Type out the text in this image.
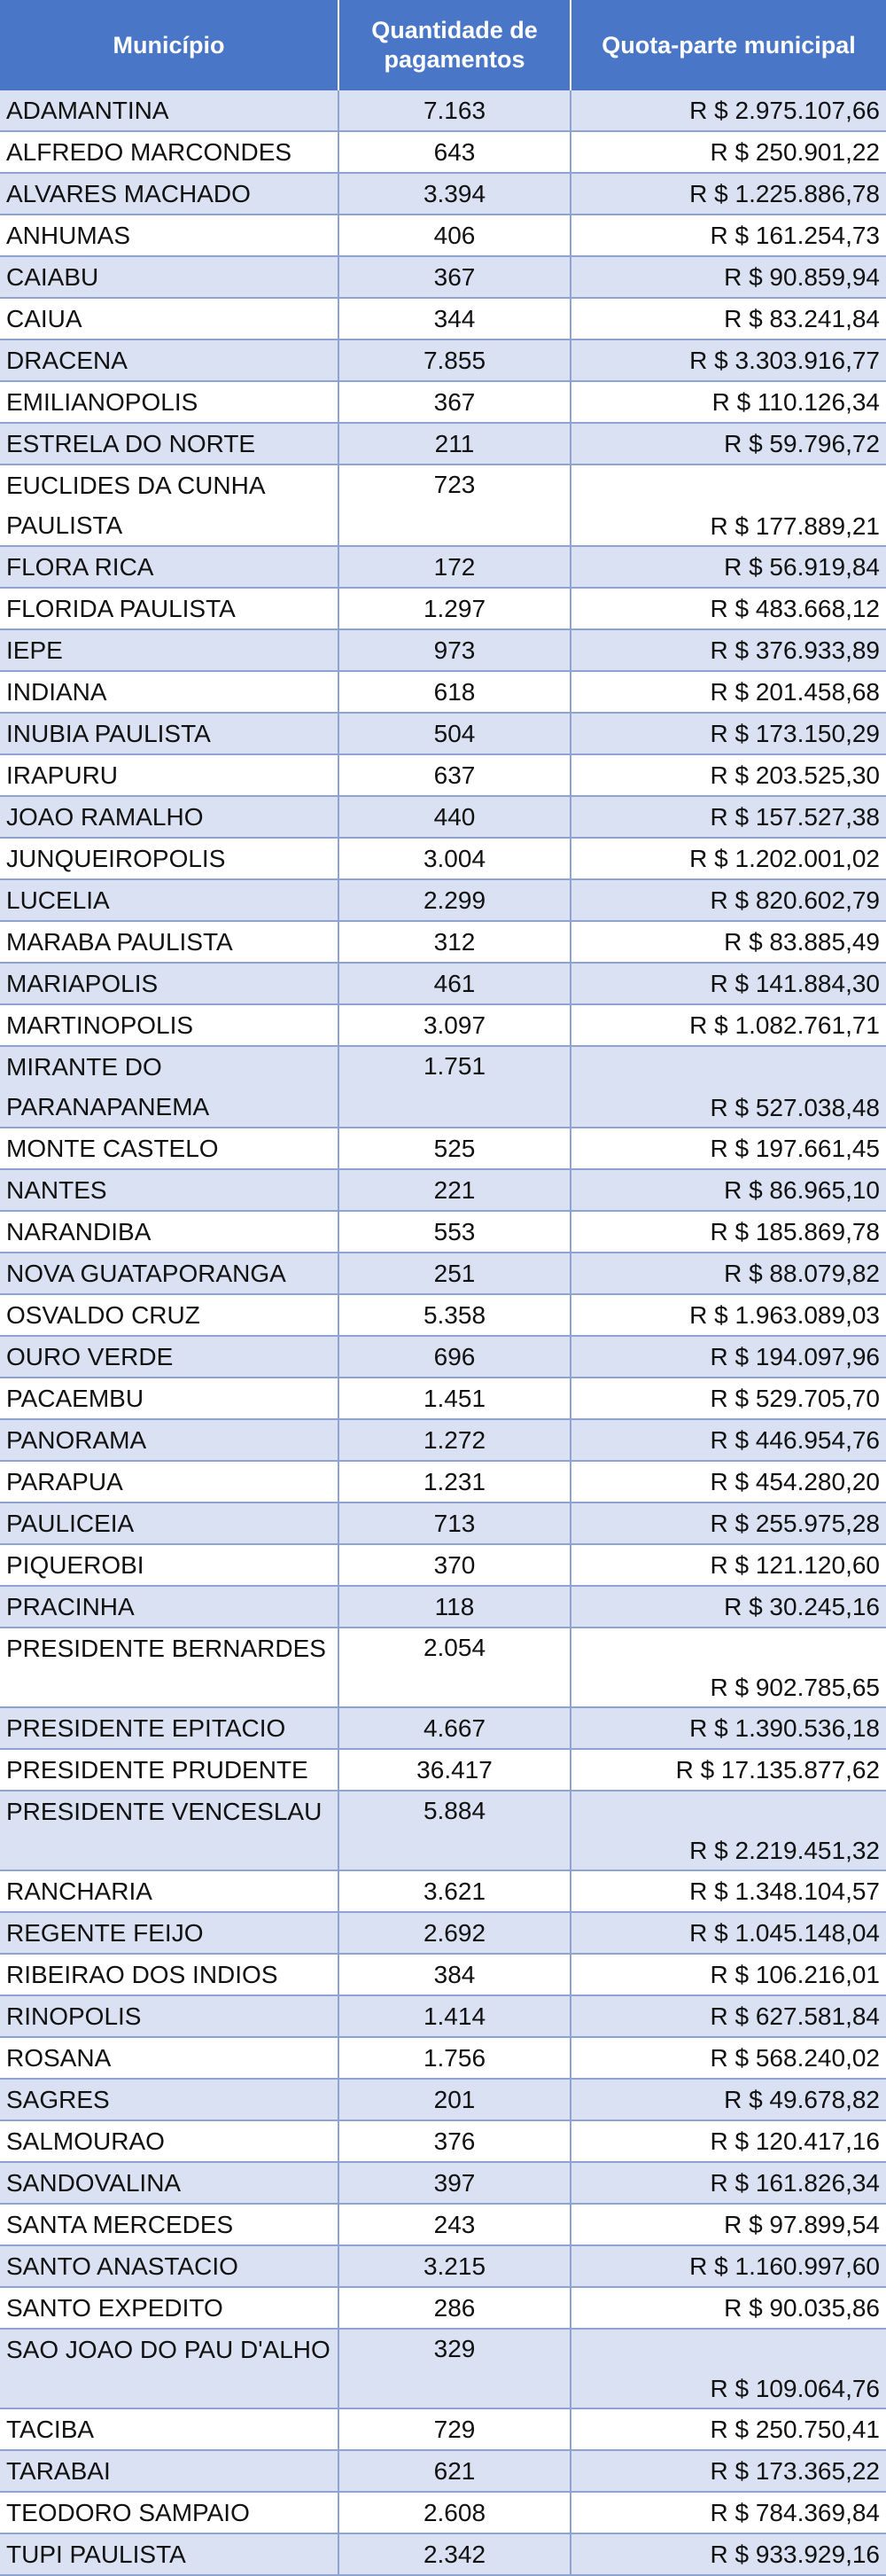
Município	Quantidade de pagamentos	Quota-parte municipal
ADAMANTINA	7.163	R $ 2.975.107,66
ALFREDO MARCONDES	643	R $ 250.901,22
ALVARES MACHADO	3.394	R $ 1.225.886,78
ANHUMAS	406	R $ 161.254,73
CAIABU	367	R $ 90.859,94
CAIUA	344	R $ 83.241,84
DRACENA	7.855	R $ 3.303.916,77
EMILIANOPOLIS	367	R $ 110.126,34
ESTRELA DO NORTE	211	R $ 59.796,72
EUCLIDES DA CUNHA PAULISTA	723	R $ 177.889,21
FLORA RICA	172	R $ 56.919,84
FLORIDA PAULISTA	1.297	R $ 483.668,12
IEPE	973	R $ 376.933,89
INDIANA	618	R $ 201.458,68
INUBIA PAULISTA	504	R $ 173.150,29
IRAPURU	637	R $ 203.525,30
JOAO RAMALHO	440	R $ 157.527,38
JUNQUEIROPOLIS	3.004	R $ 1.202.001,02
LUCELIA	2.299	R $ 820.602,79
MARABA PAULISTA	312	R $ 83.885,49
MARIAPOLIS	461	R $ 141.884,30
MARTINOPOLIS	3.097	R $ 1.082.761,71
MIRANTE DO PARANAPANEMA	1.751	R $ 527.038,48
MONTE CASTELO	525	R $ 197.661,45
NANTES	221	R $ 86.965,10
NARANDIBA	553	R $ 185.869,78
NOVA GUATAPORANGA	251	R $ 88.079,82
OSVALDO CRUZ	5.358	R $ 1.963.089,03
OURO VERDE	696	R $ 194.097,96
PACAEMBU	1.451	R $ 529.705,70
PANORAMA	1.272	R $ 446.954,76
PARAPUA	1.231	R $ 454.280,20
PAULICEIA	713	R $ 255.975,28
PIQUEROBI	370	R $ 121.120,60
PRACINHA	118	R $ 30.245,16
PRESIDENTE BERNARDES	2.054	R $ 902.785,65
PRESIDENTE EPITACIO	4.667	R $ 1.390.536,18
PRESIDENTE PRUDENTE	36.417	R $ 17.135.877,62
PRESIDENTE VENCESLAU	5.884	R $ 2.219.451,32
RANCHARIA	3.621	R $ 1.348.104,57
REGENTE FEIJO	2.692	R $ 1.045.148,04
RIBEIRAO DOS INDIOS	384	R $ 106.216,01
RINOPOLIS	1.414	R $ 627.581,84
ROSANA	1.756	R $ 568.240,02
SAGRES	201	R $ 49.678,82
SALMOURAO	376	R $ 120.417,16
SANDOVALINA	397	R $ 161.826,34
SANTA MERCEDES	243	R $ 97.899,54
SANTO ANASTACIO	3.215	R $ 1.160.997,60
SANTO EXPEDITO	286	R $ 90.035,86
SAO JOAO DO PAU D'ALHO	329	R $ 109.064,76
TACIBA	729	R $ 250.750,41
TARABAI	621	R $ 173.365,22
TEODORO SAMPAIO	2.608	R $ 784.369,84
TUPI PAULISTA	2.342	R $ 933.929,16
